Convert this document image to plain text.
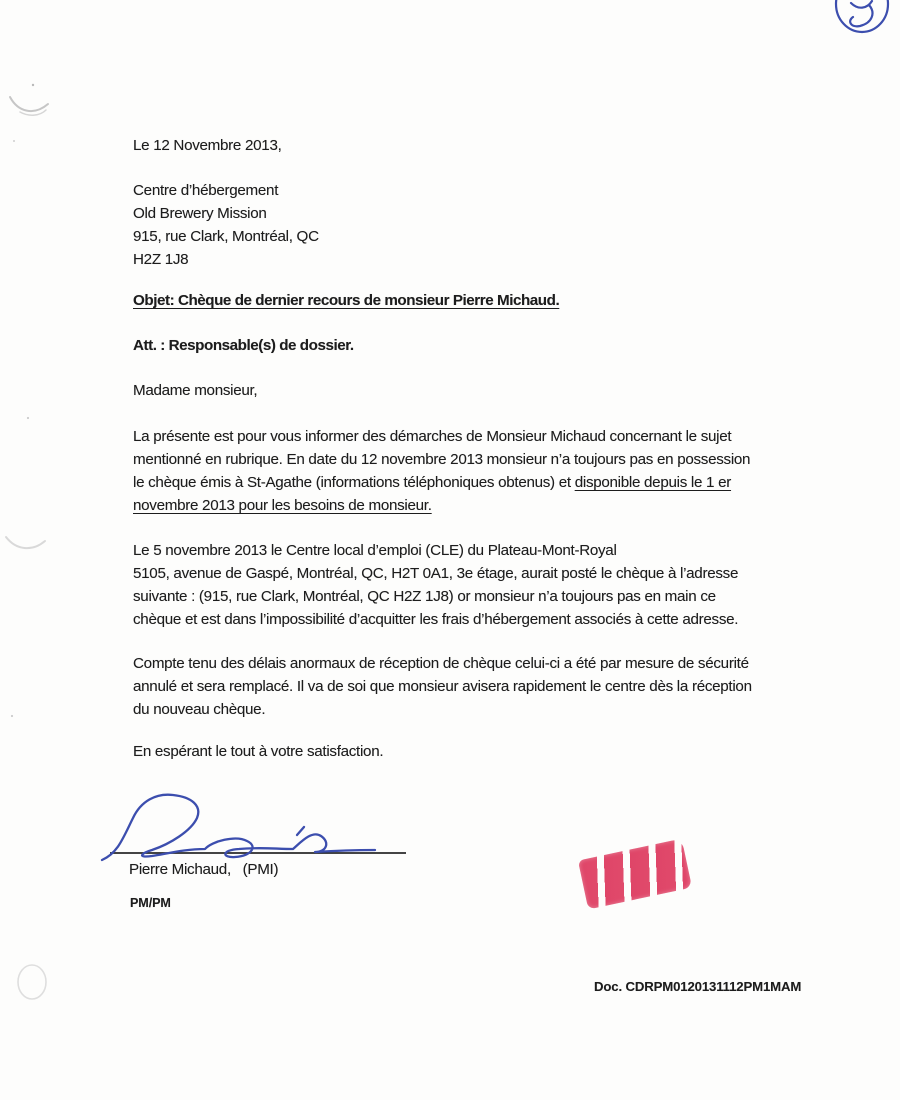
Le 12 Novembre 2013,
Centre d’hébergement
Old Brewery Mission
915, rue Clark, Montréal, QC
H2Z 1J8
Objet: Chèque de dernier recours de monsieur Pierre Michaud.
Att. : Responsable(s) de dossier.
Madame monsieur,
La présente est pour vous informer des démarches de Monsieur Michaud concernant le sujet
mentionné en rubrique. En date du 12 novembre 2013 monsieur n’a toujours pas en possession
le chèque émis à St-Agathe (informations téléphoniques obtenus) et disponible depuis le 1 er
novembre 2013 pour les besoins de monsieur.
Le 5 novembre 2013 le Centre local d’emploi (CLE) du Plateau-Mont-Royal
5105, avenue de Gaspé, Montréal, QC, H2T 0A1, 3e étage, aurait posté le chèque à l’adresse
suivante : (915, rue Clark, Montréal, QC H2Z 1J8) or monsieur n’a toujours pas en main ce
chèque et est dans l’impossibilité d’acquitter les frais d’hébergement associés à cette adresse.
Compte tenu des délais anormaux de réception de chèque celui-ci a été par mesure de sécurité
annulé et sera remplacé. Il va de soi que monsieur avisera rapidement le centre dès la réception
du nouveau chèque.
En espérant le tout à votre satisfaction.
Pierre Michaud,   (PMI)
PM/PM
Doc. CDRPM0120131112PM1MAM
